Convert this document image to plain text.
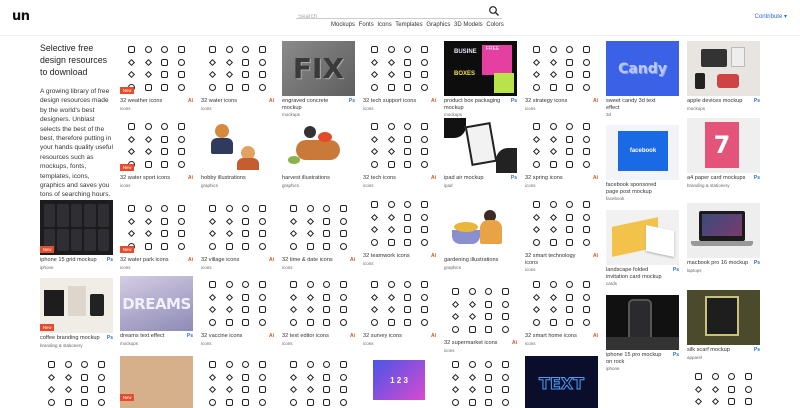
un
Search
Mockups Fonts Icons Templates Graphics 3D Models Colors
Contribute ▾
Selective free design resources to download

A growing library of free design resources made by the world's best designers. Unblast selects the best of the best, therefore putting in your hands quality useful resources such as mockups, fonts, templates, icons, graphics and saves you tons of searching hours.

New
32 weather icons
icons
Ai 32 water icons
icons
Ai
FIX
engraved concrete mockup
mockups
Ps 32 tech support icons
icons
Ai
BUSINE
BOXES
FREE
product box packaging mockup
mockups
Ps 32 strategy icons
icons
Ai
Candy
sweet candy 3d text effect
3d
apple devices mockup
mockups
Ps
New
32 water sport icons
icons
Ai hobby illustrations
graphics
harvest illustrations
graphics
32 tech icons
icons
Ai ipad air mockup
ipad
Ps 32 spring icons
icons
Ai
facebook
facebook sponsored page post mockup
facebook
7
a4 paper card mockups
branding & stationery
Ps
New
iphone 15 grid mockup
iphone
Ps
New
32 water park icons
icons
Ai 32 village icons
icons
Ai 32 time & date icons
icons
Ai
32 teamwork icons
icons
Ai
gardening illustrations
graphics
32 smart technology icons
icons
Ai
landscape folded invitation card mockup
cards
Ps
macbook pro 16 mockup
laptops
Ps
New
coffee branding mockup
branding & stationery
Ps
DREAMS
dreams text effect
mockups
Ps 32 vaccine icons
icons
Ai 32 text editor icons
icons
Ai 32 survey icons
icons
Ai
32 supermarket icons
icons
Ai
32 smart home icons
icons
Ai
iphone 15 pro mockup on rock
iphone
Ps
silk scarf mockup
apparel
Ps
New
1 2 3	TEXT
